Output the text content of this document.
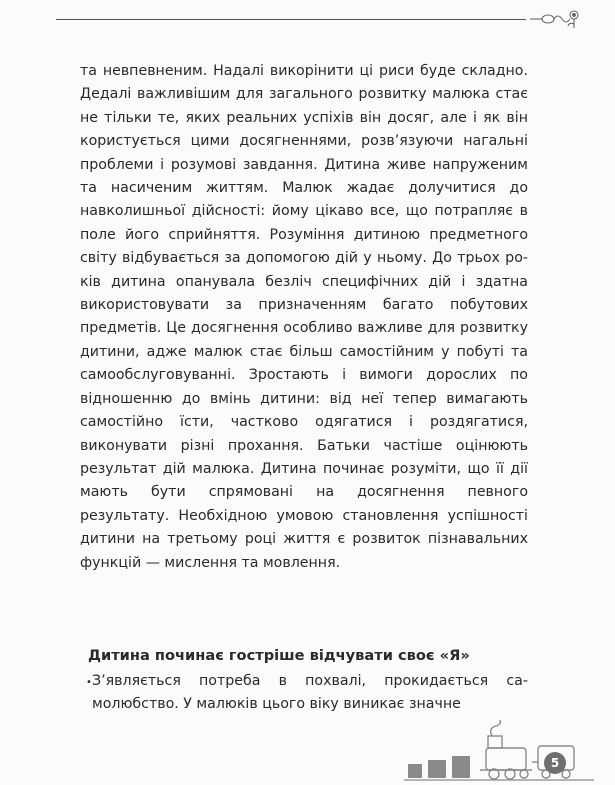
та невпевненим. Надалі викорінити ці риси буде складно. Дедалі важливішим для загального розвитку малюка стає не тільки те, яких реальних успіхів він досяг, але і як він користується цими досягненнями, розв’язуючи нагальні проблеми і розумові завдання. Дитина живе напруженим та насиченим життям. Малюк жадає долучитися до навколишньої дійсності: йому цікаво все, що потрапляє в поле його сприйняття. Розуміння дитиною предметного світу відбувається за допомогою дій у ньому. До трьох років дитина опанувала безліч специфічних дій і здатна використовувати за призначенням багато побутових предметів. Це досягнення особливо важливе для розвитку дитини, адже малюк стає більш самостійним у побуті та самообслуговуванні. Зростають і вимоги дорослих по відношенню до вмінь дитини: від неї тепер вимагають самостійно їсти, частково одягатися і роздягатися, виконувати різні прохання. Батьки частіше оцінюють результат дій малюка. Дитина починає розуміти, що її дії мають бути спрямовані на досягнення певного результату. Необхідною умовою становлення успішності дитини на третьому році життя є розвиток пізнавальних функцій — мислення та мовлення.

Дитина починає гостріше відчувати своє «Я»
• З’являється потреба в похвалі, прокидається самолюбство. У малюків цього віку виникає значне

5
